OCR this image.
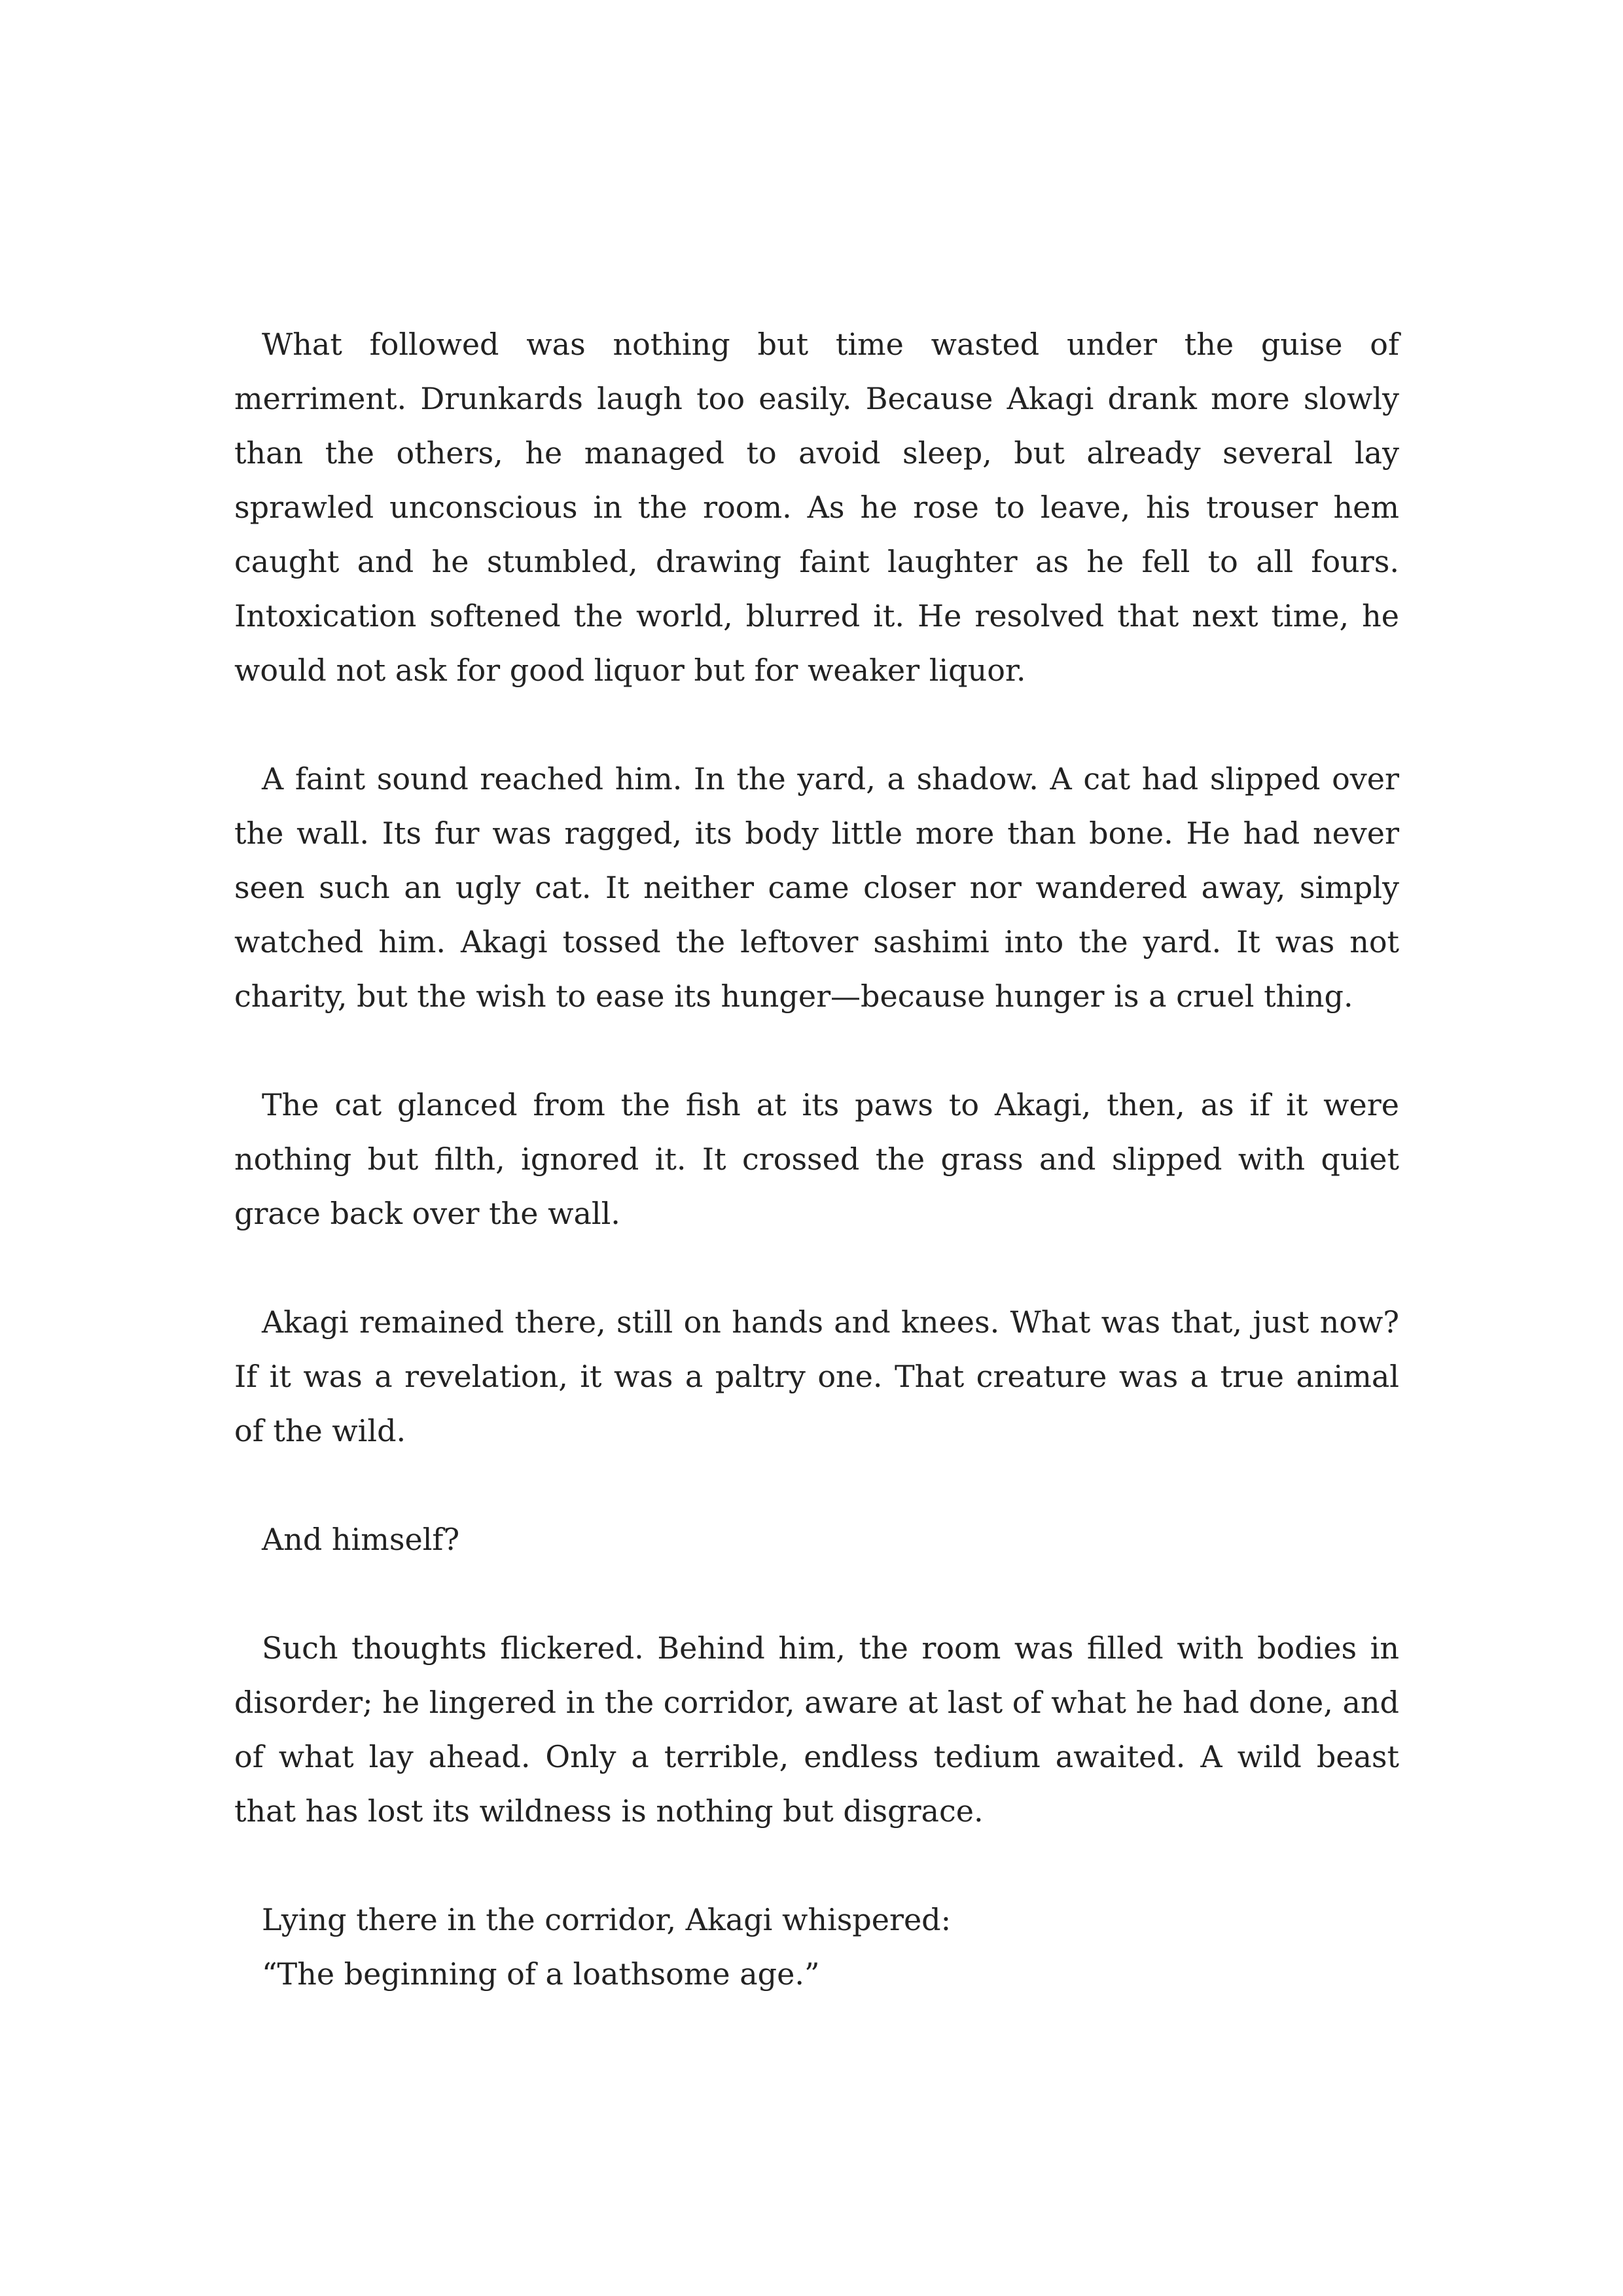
What followed was nothing but time wasted under the guise of merriment. Drunkards laugh too easily. Because Akagi drank more slowly than the others, he managed to avoid sleep, but already several lay sprawled unconscious in the room. As he rose to leave, his trouser hem caught and he stumbled, drawing faint laughter as he fell to all fours. Intoxication softened the world, blurred it. He resolved that next time, he would not ask for good liquor but for weaker liquor.

A faint sound reached him. In the yard, a shadow. A cat had slipped over the wall. Its fur was ragged, its body little more than bone. He had never seen such an ugly cat. It neither came closer nor wandered away, simply watched him. Akagi tossed the leftover sashimi into the yard. It was not charity, but the wish to ease its hunger—because hunger is a cruel thing.

The cat glanced from the fish at its paws to Akagi, then, as if it were nothing but filth, ignored it. It crossed the grass and slipped with quiet grace back over the wall.

Akagi remained there, still on hands and knees. What was that, just now? If it was a revelation, it was a paltry one. That creature was a true animal of the wild.

And himself?

Such thoughts flickered. Behind him, the room was filled with bodies in disorder; he lingered in the corridor, aware at last of what he had done, and of what lay ahead. Only a terrible, endless tedium awaited. A wild beast that has lost its wildness is nothing but disgrace.

Lying there in the corridor, Akagi whispered:

“The beginning of a loathsome age.”
